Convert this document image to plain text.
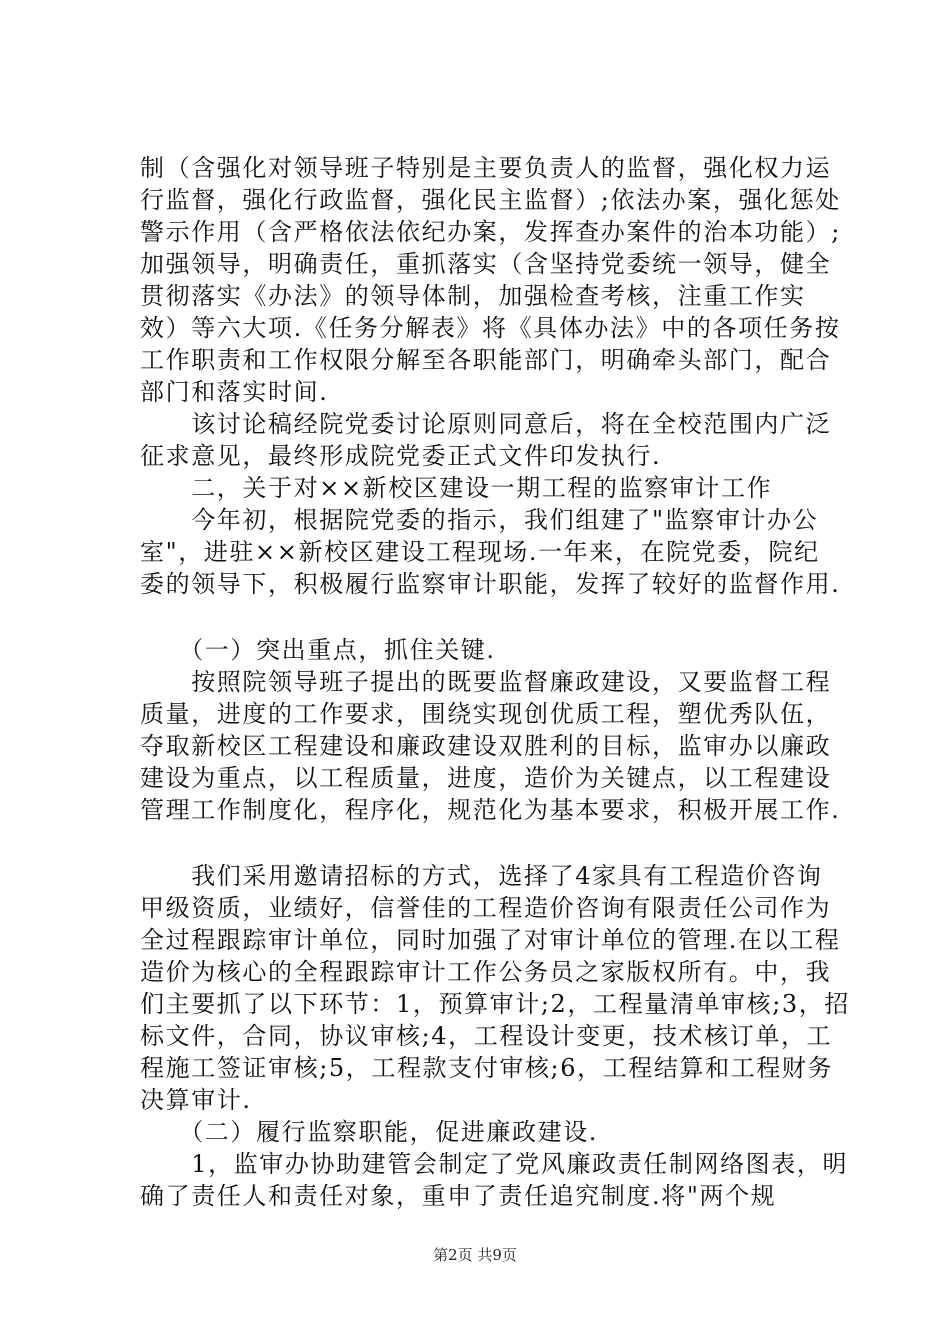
制（含强化对领导班子特别是主要负责人的监督，强化权力运
行监督，强化行政监督，强化民主监督）;依法办案，强化惩处
警示作用（含严格依法依纪办案，发挥查办案件的治本功能）;
加强领导，明确责任，重抓落实（含坚持党委统一领导，健全
贯彻落实《办法》的领导体制，加强检查考核，注重工作实
效）等六大项.《任务分解表》将《具体办法》中的各项任务按
工作职责和工作权限分解至各职能部门，明确牵头部门，配合
部门和落实时间.
　　该讨论稿经院党委讨论原则同意后，将在全校范围内广泛
征求意见，最终形成院党委正式文件印发执行.
　　二，关于对××新校区建设一期工程的监察审计工作
　　今年初，根据院党委的指示，我们组建了"监察审计办公
室"，进驻××新校区建设工程现场.一年来，在院党委，院纪
委的领导下，积极履行监察审计职能，发挥了较好的监督作用.
　　（一）突出重点，抓住关键.
　　按照院领导班子提出的既要监督廉政建设，又要监督工程
质量，进度的工作要求，围绕实现创优质工程，塑优秀队伍，
夺取新校区工程建设和廉政建设双胜利的目标，监审办以廉政
建设为重点，以工程质量，进度，造价为关键点，以工程建设
管理工作制度化，程序化，规范化为基本要求，积极开展工作.
　　我们采用邀请招标的方式，选择了4家具有工程造价咨询
甲级资质，业绩好，信誉佳的工程造价咨询有限责任公司作为
全过程跟踪审计单位，同时加强了对审计单位的管理.在以工程
造价为核心的全程跟踪审计工作公务员之家版权所有。中，我
们主要抓了以下环节：1，预算审计;2，工程量清单审核;3，招
标文件，合同，协议审核;4，工程设计变更，技术核订单，工
程施工签证审核;5，工程款支付审核;6，工程结算和工程财务
决算审计.
　　（二）履行监察职能，促进廉政建设.
　　1，监审办协助建管会制定了党风廉政责任制网络图表，明
确了责任人和责任对象，重申了责任追究制度.将"两个规
第2页 共9页
